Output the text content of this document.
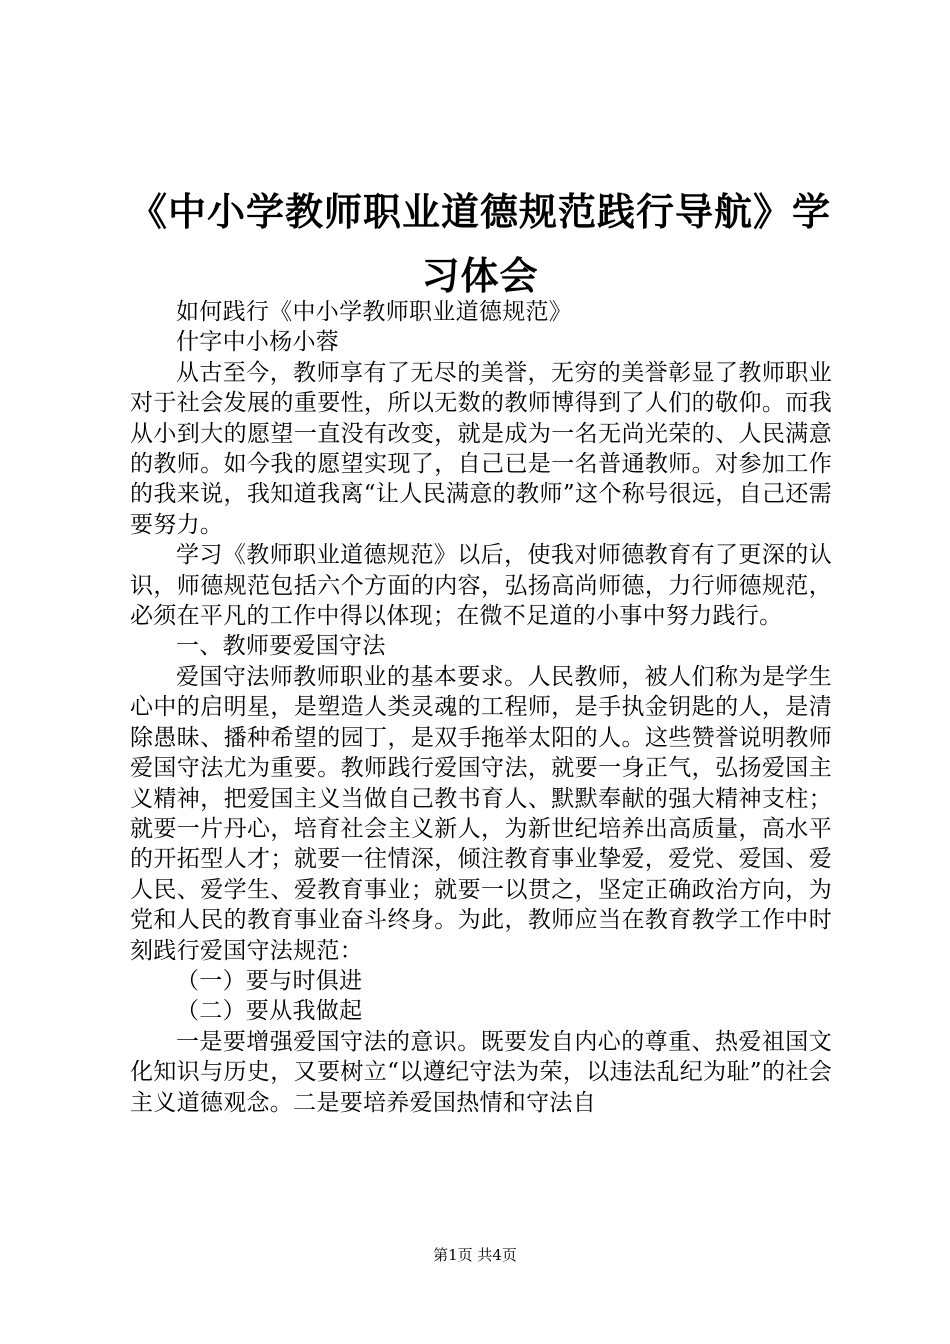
《中小学教师职业道德规范践行导航》学习体会

如何践行《中小学教师职业道德规范》

什字中小杨小蓉

从古至今，教师享有了无尽的美誉，无穷的美誉彰显了教师职业对于社会发展的重要性，所以无数的教师博得到了人们的敬仰。而我从小到大的愿望一直没有改变，就是成为一名无尚光荣的、人民满意的教师。如今我的愿望实现了，自己已是一名普通教师。对参加工作的我来说，我知道我离“让人民满意的教师”这个称号很远，自己还需要努力。

学习《教师职业道德规范》以后，使我对师德教育有了更深的认识，师德规范包括六个方面的内容，弘扬高尚师德，力行师德规范，必须在平凡的工作中得以体现；在微不足道的小事中努力践行。

一、教师要爱国守法

爱国守法师教师职业的基本要求。人民教师，被人们称为是学生心中的启明星，是塑造人类灵魂的工程师，是手执金钥匙的人，是清除愚昧、播种希望的园丁，是双手拖举太阳的人。这些赞誉说明教师爱国守法尤为重要。教师践行爱国守法，就要一身正气，弘扬爱国主义精神，把爱国主义当做自己教书育人、默默奉献的强大精神支柱；就要一片丹心，培育社会主义新人，为新世纪培养出高质量，高水平的开拓型人才；就要一往情深，倾注教育事业挚爱，爱党、爱国、爱人民、爱学生、爱教育事业；就要一以贯之，坚定正确政治方向，为党和人民的教育事业奋斗终身。为此，教师应当在教育教学工作中时刻践行爱国守法规范：

（一）要与时俱进

（二）要从我做起

一是要增强爱国守法的意识。既要发自内心的尊重、热爱祖国文化知识与历史，又要树立“以遵纪守法为荣，以违法乱纪为耻”的社会主义道德观念。二是要培养爱国热情和守法自

第1页 共4页
